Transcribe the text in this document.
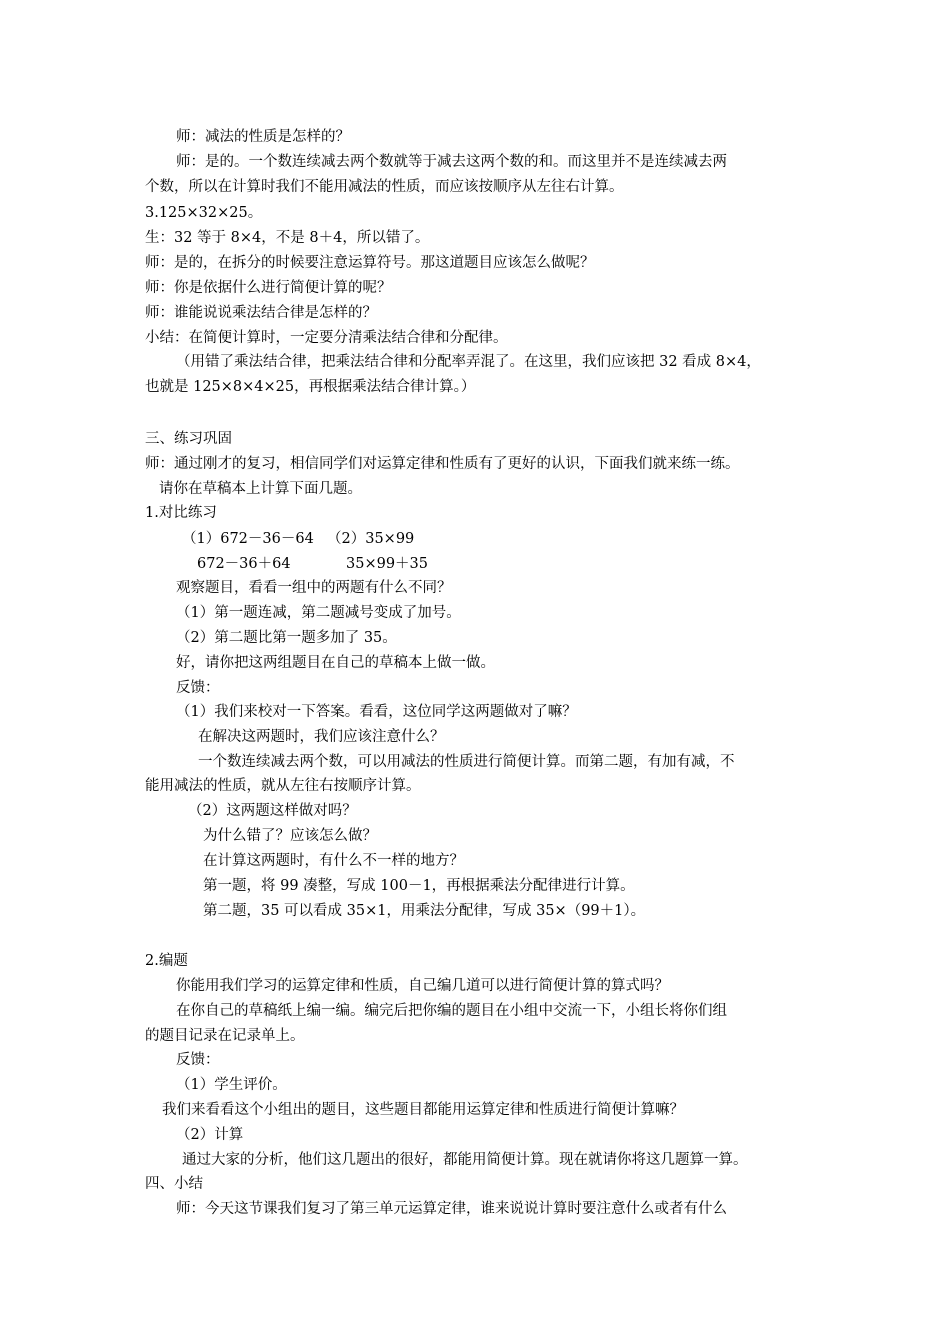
师：减法的性质是怎样的？
师：是的。一个数连续减去两个数就等于减去这两个数的和。而这里并不是连续减去两
个数，所以在计算时我们不能用减法的性质，而应该按顺序从左往右计算。
3.125×32×25。
生：32 等于 8×4，不是 8＋4，所以错了。
师：是的，在拆分的时候要注意运算符号。那这道题目应该怎么做呢？
师：你是依据什么进行简便计算的呢？
师：谁能说说乘法结合律是怎样的？
小结：在简便计算时，一定要分清乘法结合律和分配律。
（用错了乘法结合律，把乘法结合律和分配率弄混了。在这里，我们应该把 32 看成 8×4，
也就是 125×8×4×25，再根据乘法结合律计算。）
三、练习巩固
师：通过刚才的复习，相信同学们对运算定律和性质有了更好的认识，下面我们就来练一练。
请你在草稿本上计算下面几题。
1.对比练习
（1）672－36－64 （2）35×99
672－36＋64	35×99＋35
观察题目，看看一组中的两题有什么不同？
（1）第一题连减，第二题减号变成了加号。
（2）第二题比第一题多加了 35。
好，请你把这两组题目在自己的草稿本上做一做。
反馈：
（1）我们来校对一下答案。看看，这位同学这两题做对了嘛？
在解决这两题时，我们应该注意什么？
一个数连续减去两个数，可以用减法的性质进行简便计算。而第二题，有加有减，不
能用减法的性质，就从左往右按顺序计算。
（2）这两题这样做对吗？
为什么错了？应该怎么做？
在计算这两题时，有什么不一样的地方？
第一题，将 99 凑整，写成 100－1，再根据乘法分配律进行计算。
第二题，35 可以看成 35×1，用乘法分配律，写成 35×（99＋1）。
2.编题
你能用我们学习的运算定律和性质，自己编几道可以进行简便计算的算式吗？
在你自己的草稿纸上编一编。编完后把你编的题目在小组中交流一下，小组长将你们组
的题目记录在记录单上。
反馈：
（1）学生评价。
我们来看看这个小组出的题目，这些题目都能用运算定律和性质进行简便计算嘛？
（2）计算
通过大家的分析，他们这几题出的很好，都能用简便计算。现在就请你将这几题算一算。
四、小结
师：今天这节课我们复习了第三单元运算定律，谁来说说计算时要注意什么或者有什么
